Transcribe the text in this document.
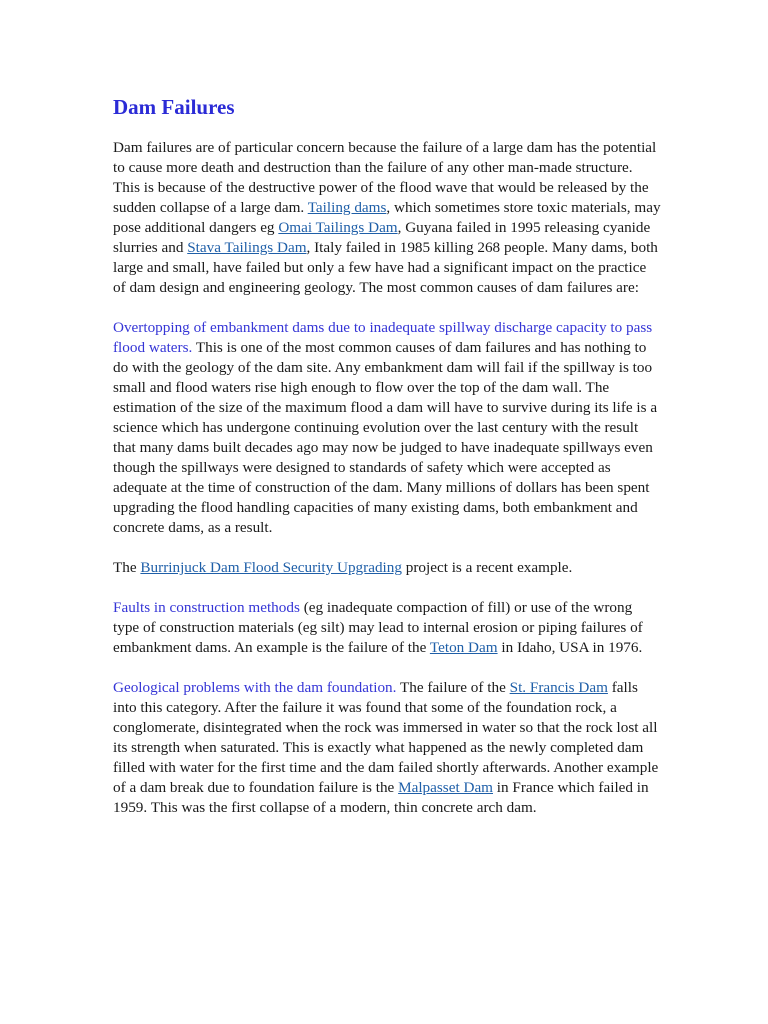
Dam Failures

Dam failures are of particular concern because the failure of a large dam has the potential to cause more death and destruction than the failure of any other man-made structure. This is because of the destructive power of the flood wave that would be released by the sudden collapse of a large dam. Tailing dams, which sometimes store toxic materials, may pose additional dangers eg Omai Tailings Dam, Guyana failed in 1995 releasing cyanide slurries and Stava Tailings Dam, Italy failed in 1985 killing 268 people. Many dams, both large and small, have failed but only a few have had a significant impact on the practice of dam design and engineering geology. The most common causes of dam failures are:

Overtopping of embankment dams due to inadequate spillway discharge capacity to pass flood waters. This is one of the most common causes of dam failures and has nothing to do with the geology of the dam site. Any embankment dam will fail if the spillway is too small and flood waters rise high enough to flow over the top of the dam wall. The estimation of the size of the maximum flood a dam will have to survive during its life is a science which has undergone continuing evolution over the last century with the result that many dams built decades ago may now be judged to have inadequate spillways even though the spillways were designed to standards of safety which were accepted as adequate at the time of construction of the dam. Many millions of dollars has been spent upgrading the flood handling capacities of many existing dams, both embankment and concrete dams, as a result.

The Burrinjuck Dam Flood Security Upgrading project is a recent example.

Faults in construction methods (eg inadequate compaction of fill) or use of the wrong type of construction materials (eg silt) may lead to internal erosion or piping failures of embankment dams. An example is the failure of the Teton Dam in Idaho, USA in 1976.

Geological problems with the dam foundation. The failure of the St. Francis Dam falls into this category. After the failure it was found that some of the foundation rock, a conglomerate, disintegrated when the rock was immersed in water so that the rock lost all its strength when saturated. This is exactly what happened as the newly completed dam filled with water for the first time and the dam failed shortly afterwards. Another example of a dam break due to foundation failure is the Malpasset Dam in France which failed in 1959. This was the first collapse of a modern, thin concrete arch dam.
